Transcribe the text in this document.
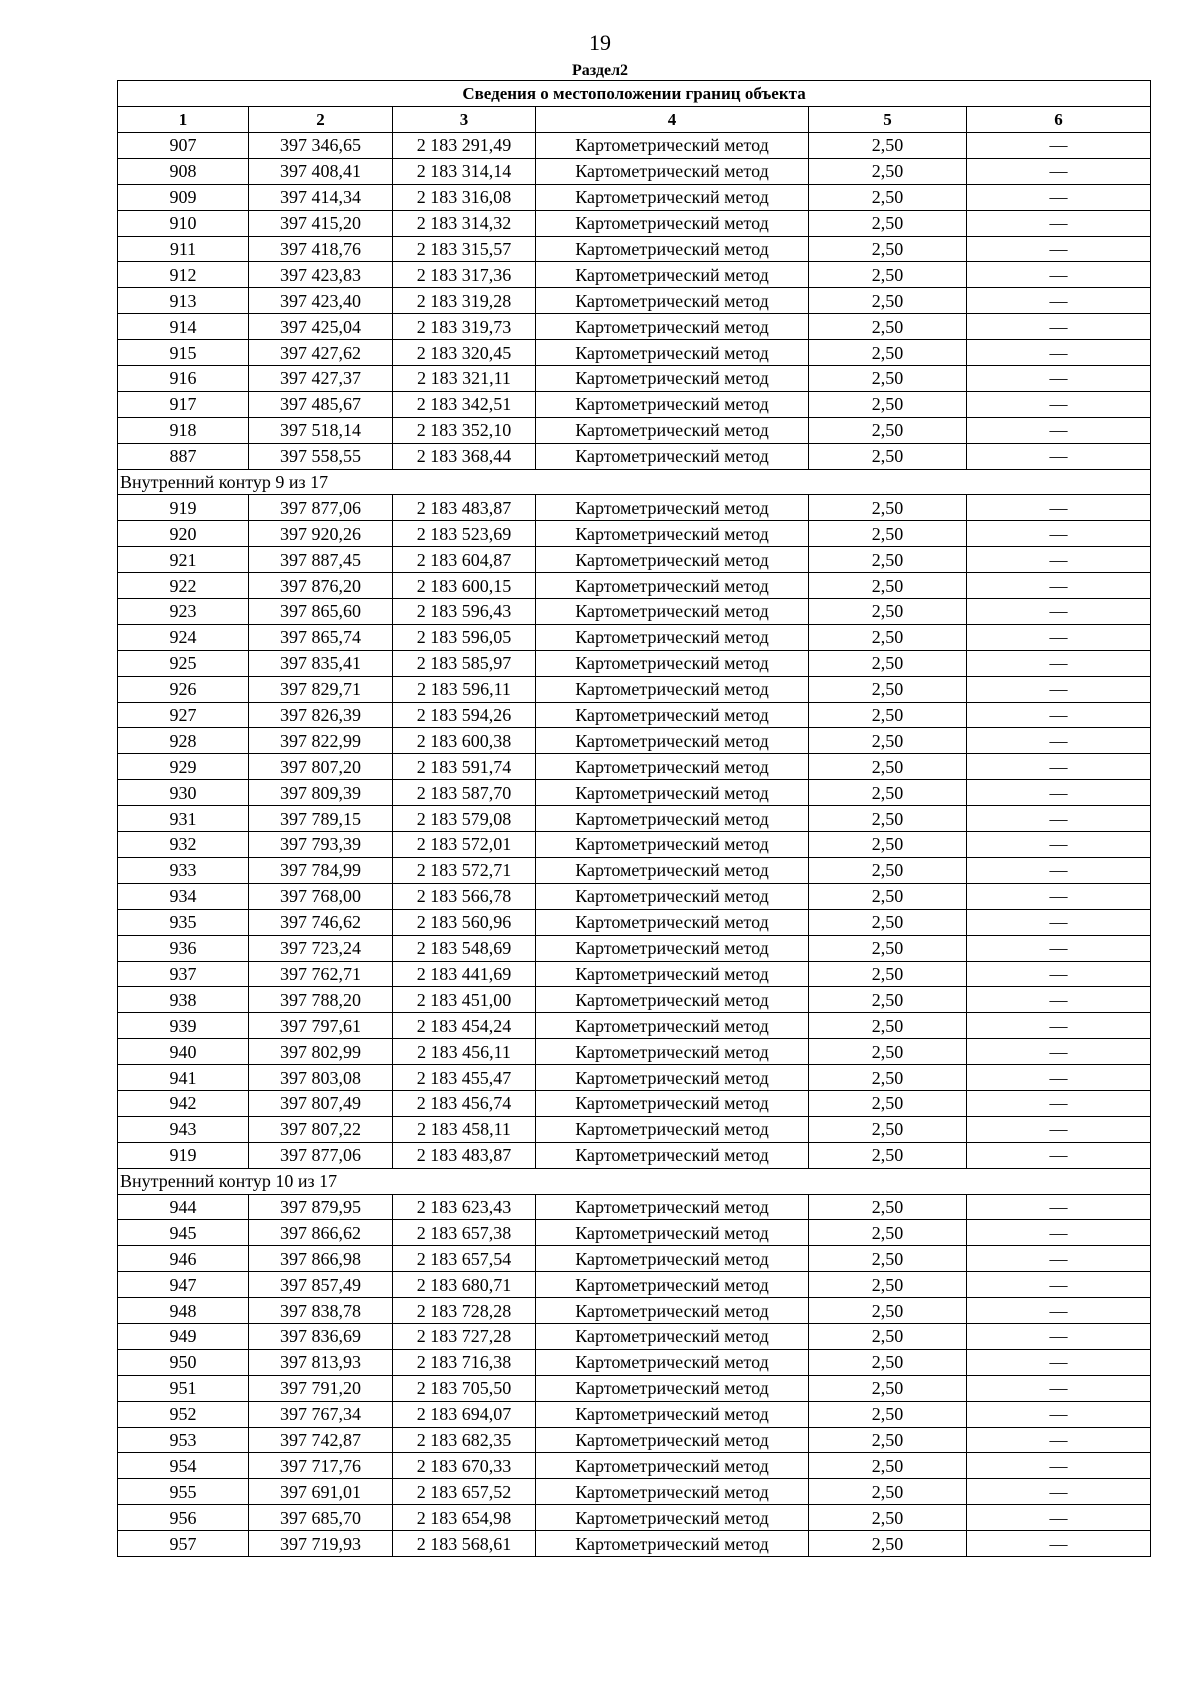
19
Раздел2
Сведения о местоположении границ объекта					
1	2	3	4	5	6
907	397 346,65	2 183 291,49	Картометрический метод	2,50	—
908	397 408,41	2 183 314,14	Картометрический метод	2,50	—
909	397 414,34	2 183 316,08	Картометрический метод	2,50	—
910	397 415,20	2 183 314,32	Картометрический метод	2,50	—
911	397 418,76	2 183 315,57	Картометрический метод	2,50	—
912	397 423,83	2 183 317,36	Картометрический метод	2,50	—
913	397 423,40	2 183 319,28	Картометрический метод	2,50	—
914	397 425,04	2 183 319,73	Картометрический метод	2,50	—
915	397 427,62	2 183 320,45	Картометрический метод	2,50	—
916	397 427,37	2 183 321,11	Картометрический метод	2,50	—
917	397 485,67	2 183 342,51	Картометрический метод	2,50	—
918	397 518,14	2 183 352,10	Картометрический метод	2,50	—
887	397 558,55	2 183 368,44	Картометрический метод	2,50	—
Внутренний контур 9 из 17					
919	397 877,06	2 183 483,87	Картометрический метод	2,50	—
920	397 920,26	2 183 523,69	Картометрический метод	2,50	—
921	397 887,45	2 183 604,87	Картометрический метод	2,50	—
922	397 876,20	2 183 600,15	Картометрический метод	2,50	—
923	397 865,60	2 183 596,43	Картометрический метод	2,50	—
924	397 865,74	2 183 596,05	Картометрический метод	2,50	—
925	397 835,41	2 183 585,97	Картометрический метод	2,50	—
926	397 829,71	2 183 596,11	Картометрический метод	2,50	—
927	397 826,39	2 183 594,26	Картометрический метод	2,50	—
928	397 822,99	2 183 600,38	Картометрический метод	2,50	—
929	397 807,20	2 183 591,74	Картометрический метод	2,50	—
930	397 809,39	2 183 587,70	Картометрический метод	2,50	—
931	397 789,15	2 183 579,08	Картометрический метод	2,50	—
932	397 793,39	2 183 572,01	Картометрический метод	2,50	—
933	397 784,99	2 183 572,71	Картометрический метод	2,50	—
934	397 768,00	2 183 566,78	Картометрический метод	2,50	—
935	397 746,62	2 183 560,96	Картометрический метод	2,50	—
936	397 723,24	2 183 548,69	Картометрический метод	2,50	—
937	397 762,71	2 183 441,69	Картометрический метод	2,50	—
938	397 788,20	2 183 451,00	Картометрический метод	2,50	—
939	397 797,61	2 183 454,24	Картометрический метод	2,50	—
940	397 802,99	2 183 456,11	Картометрический метод	2,50	—
941	397 803,08	2 183 455,47	Картометрический метод	2,50	—
942	397 807,49	2 183 456,74	Картометрический метод	2,50	—
943	397 807,22	2 183 458,11	Картометрический метод	2,50	—
919	397 877,06	2 183 483,87	Картометрический метод	2,50	—
Внутренний контур 10 из 17					
944	397 879,95	2 183 623,43	Картометрический метод	2,50	—
945	397 866,62	2 183 657,38	Картометрический метод	2,50	—
946	397 866,98	2 183 657,54	Картометрический метод	2,50	—
947	397 857,49	2 183 680,71	Картометрический метод	2,50	—
948	397 838,78	2 183 728,28	Картометрический метод	2,50	—
949	397 836,69	2 183 727,28	Картометрический метод	2,50	—
950	397 813,93	2 183 716,38	Картометрический метод	2,50	—
951	397 791,20	2 183 705,50	Картометрический метод	2,50	—
952	397 767,34	2 183 694,07	Картометрический метод	2,50	—
953	397 742,87	2 183 682,35	Картометрический метод	2,50	—
954	397 717,76	2 183 670,33	Картометрический метод	2,50	—
955	397 691,01	2 183 657,52	Картометрический метод	2,50	—
956	397 685,70	2 183 654,98	Картометрический метод	2,50	—
957	397 719,93	2 183 568,61	Картометрический метод	2,50	—
